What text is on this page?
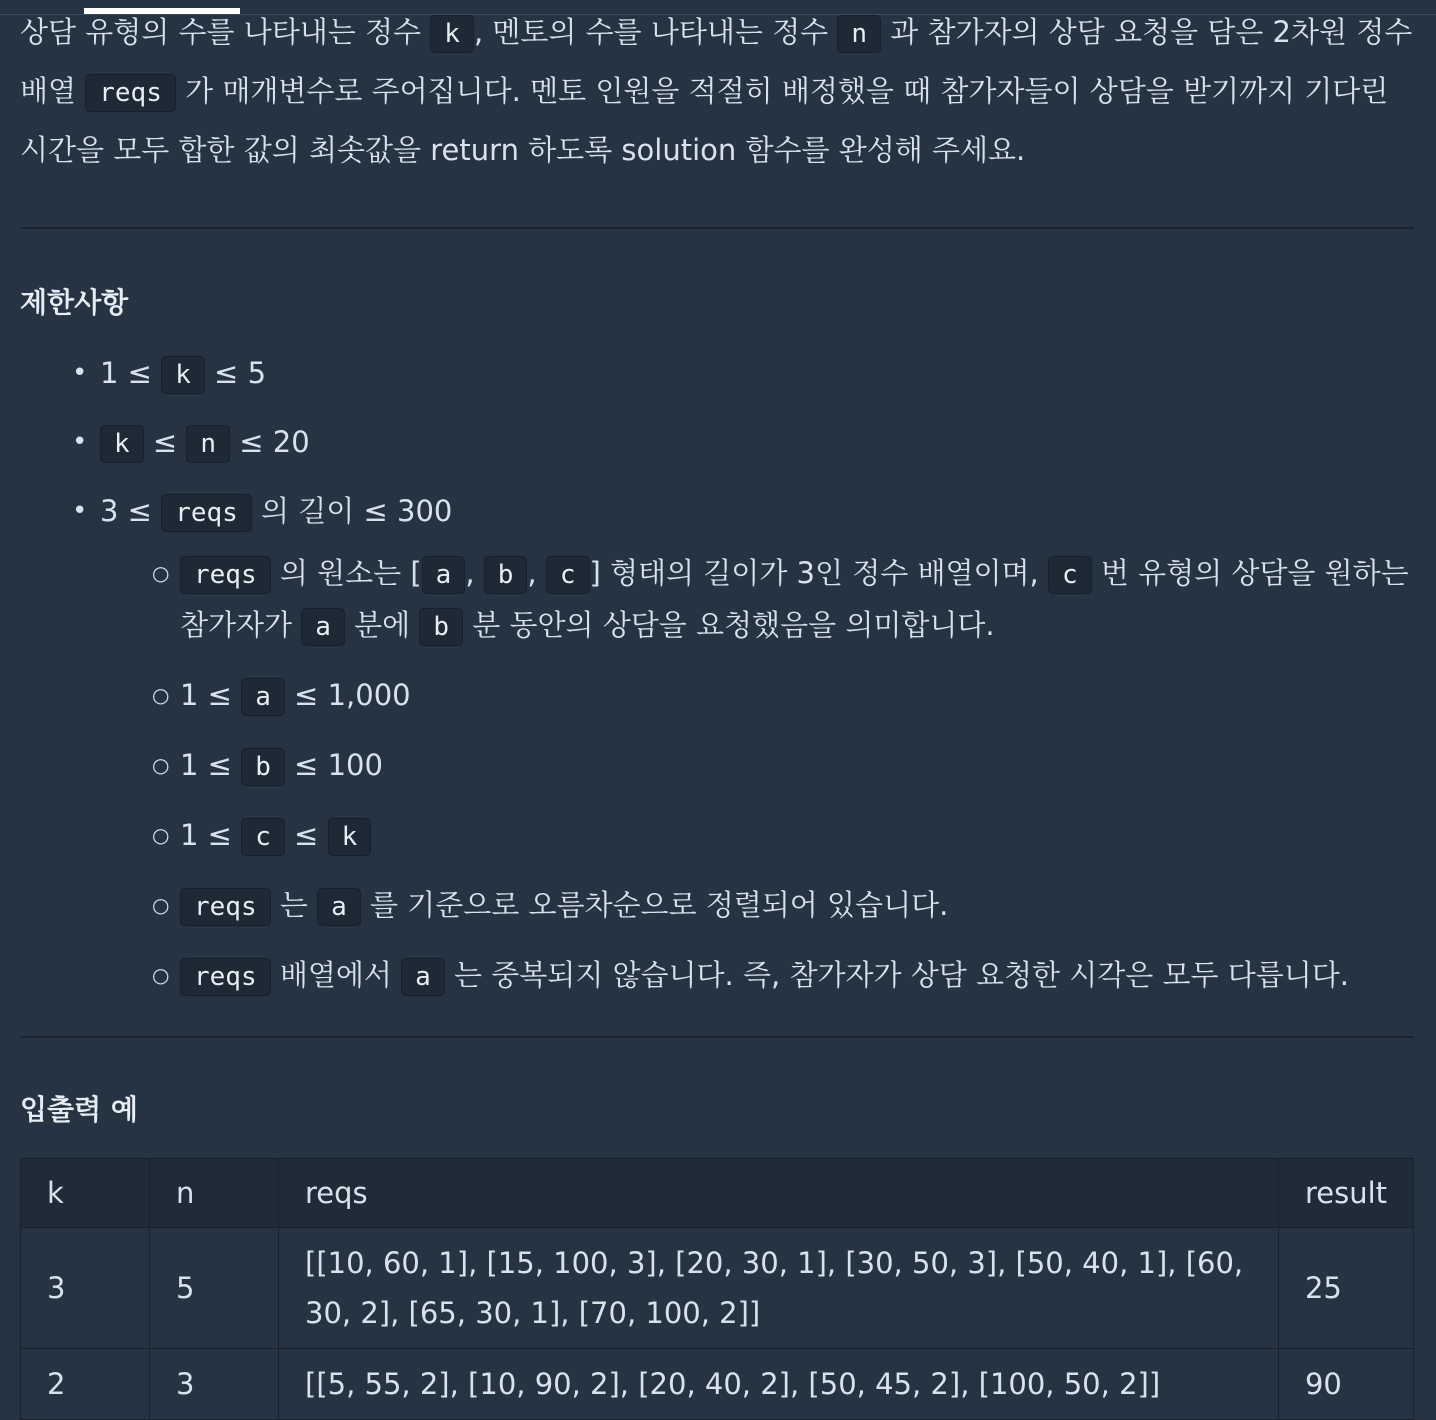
상담 유형의 수를 나타내는 정수 k , 멘토의 수를 나타내는 정수 n 과 참가자의 상담 요청을 담은 2차원 정수 배열 reqs 가 매개변수로 주어집니다. 멘토 인원을 적절히 배정했을 때 참가자들이 상담을 받기까지 기다린 시간을 모두 합한 값의 최솟값을 return 하도록 solution 함수를 완성해 주세요.

제한사항
• 1 ≤ k ≤ 5
• k ≤ n ≤ 20
• 3 ≤ reqs 의 길이 ≤ 300
○ reqs 의 원소는 [ a , b , c ] 형태의 길이가 3인 정수 배열이며, c 번 유형의 상담을 원하는 참가자가 a 분에 b 분 동안의 상담을 요청했음을 의미합니다.
○ 1 ≤ a ≤ 1,000
○ 1 ≤ b ≤ 100
○ 1 ≤ c ≤ k
○ reqs 는 a 를 기준으로 오름차순으로 정렬되어 있습니다.
○ reqs 배열에서 a 는 중복되지 않습니다. 즉, 참가자가 상담 요청한 시각은 모두 다릅니다.
입출력 예
k	n	reqs	result
3	5	[[10, 60, 1], [15, 100, 3], [20, 30, 1], [30, 50, 3], [50, 40, 1], [60, 30, 2], [65, 30, 1], [70, 100, 2]]	25
2	3	[[5, 55, 2], [10, 90, 2], [20, 40, 2], [50, 45, 2], [100, 50, 2]]	90
